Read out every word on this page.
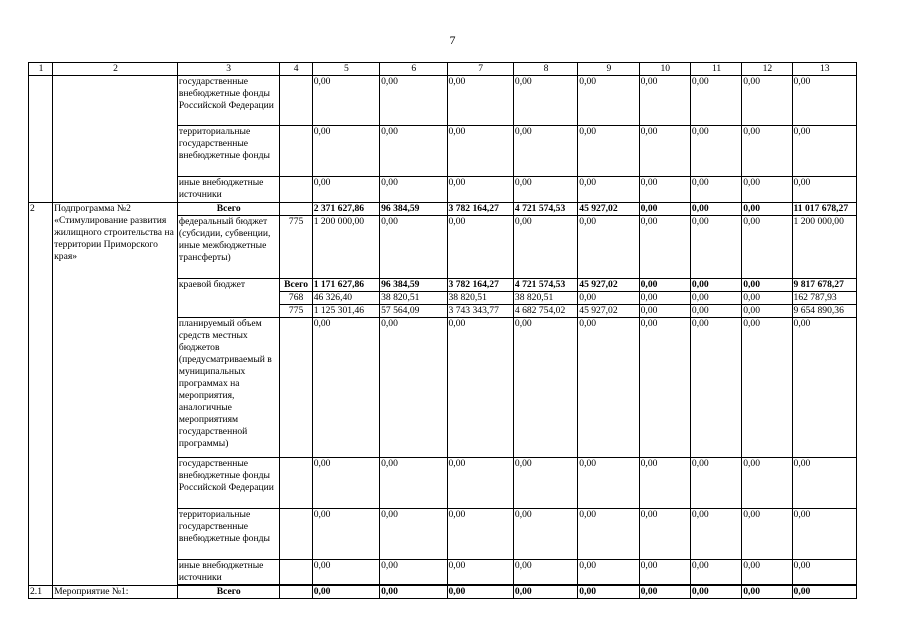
7
1	2	3	4	5	6	7	8	9	10	11	12	13
		государственные внебюджетные фонды Российской Федерации		0,00	0,00	0,00	0,00	0,00	0,00	0,00	0,00	0,00
		территориальные государственные внебюджетные фонды		0,00	0,00	0,00	0,00	0,00	0,00	0,00	0,00	0,00
		иные внебюджетные источники		0,00	0,00	0,00	0,00	0,00	0,00	0,00	0,00	0,00
2	Подпрограмма №2 «Стимулирование развития жилищного строительства на территории Приморского края»	Всего		2 371 627,86	96 384,59	3 782 164,27	4 721 574,53	45 927,02	0,00	0,00	0,00	11 017 678,27
		федеральный бюджет (субсидии, субвенции, иные межбюджетные трансферты)	775	1 200 000,00	0,00	0,00	0,00	0,00	0,00	0,00	0,00	1 200 000,00
		краевой бюджет	Всего	1 171 627,86	96 384,59	3 782 164,27	4 721 574,53	45 927,02	0,00	0,00	0,00	9 817 678,27
			768	46 326,40	38 820,51	38 820,51	38 820,51	0,00	0,00	0,00	0,00	162 787,93
			775	1 125 301,46	57 564,09	3 743 343,77	4 682 754,02	45 927,02	0,00	0,00	0,00	9 654 890,36
		планируемый объем средств местных бюджетов (предусматриваемый в муниципальных программах на мероприятия, аналогичные мероприятиям государственной программы)		0,00	0,00	0,00	0,00	0,00	0,00	0,00	0,00	0,00
		государственные внебюджетные фонды Российской Федерации		0,00	0,00	0,00	0,00	0,00	0,00	0,00	0,00	0,00
		территориальные государственные внебюджетные фонды		0,00	0,00	0,00	0,00	0,00	0,00	0,00	0,00	0,00
		иные внебюджетные источники		0,00	0,00	0,00	0,00	0,00	0,00	0,00	0,00	0,00

2.1	Мероприятие №1:	Всего		0,00	0,00	0,00	0,00	0,00	0,00	0,00	0,00	0,00
